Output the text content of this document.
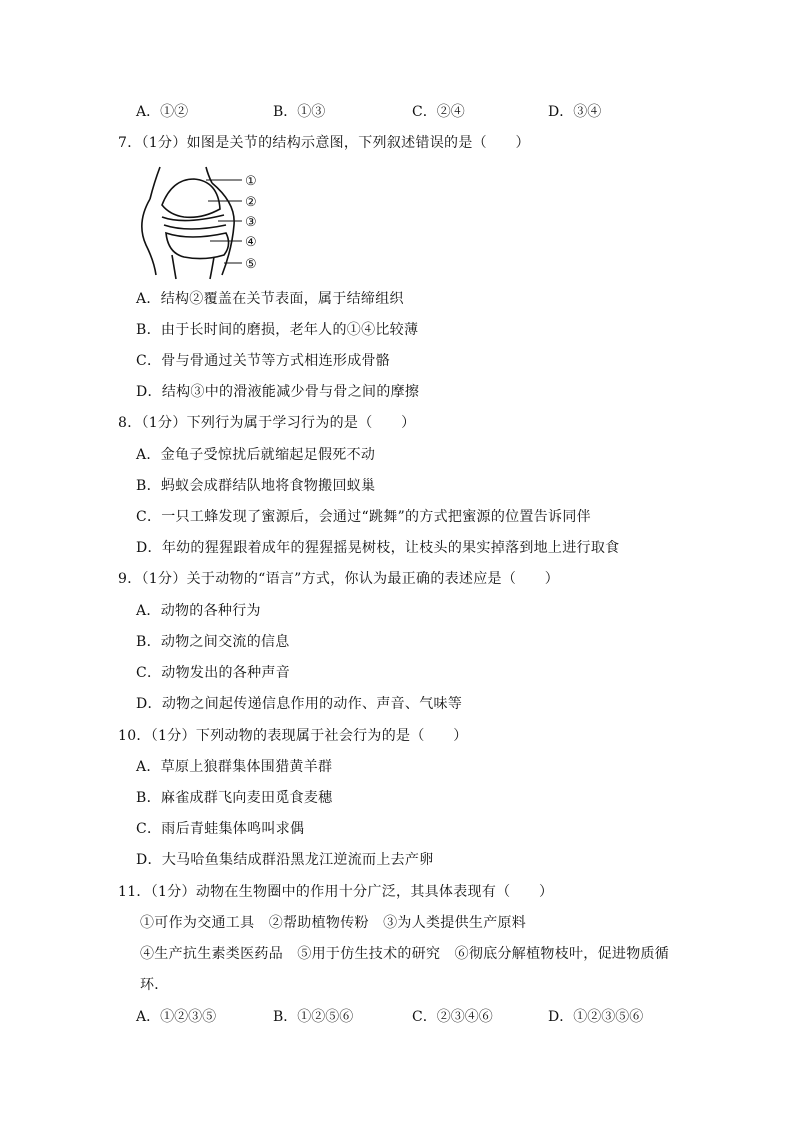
A．①②	B．①③	C．②④	D．③④
7．（1分）如图是关节的结构示意图，下列叙述错误的是（　　）
①
②
③
④
⑤
A．结构②覆盖在关节表面，属于结缔组织
B．由于长时间的磨损，老年人的①④比较薄
C．骨与骨通过关节等方式相连形成骨骼
D．结构③中的滑液能减少骨与骨之间的摩擦
8．（1分）下列行为属于学习行为的是（　　）
A．金龟子受惊扰后就缩起足假死不动
B．蚂蚁会成群结队地将食物搬回蚁巢
C．一只工蜂发现了蜜源后，会通过“跳舞”的方式把蜜源的位置告诉同伴
D．年幼的猩猩跟着成年的猩猩摇晃树枝，让枝头的果实掉落到地上进行取食
9．（1分）关于动物的“语言”方式，你认为最正确的表述应是（　　）
A．动物的各种行为
B．动物之间交流的信息
C．动物发出的各种声音
D．动物之间起传递信息作用的动作、声音、气味等
10．（1分）下列动物的表现属于社会行为的是（　　）
A．草原上狼群集体围猎黄羊群
B．麻雀成群飞向麦田觅食麦穗
C．雨后青蛙集体鸣叫求偶
D．大马哈鱼集结成群沿黑龙江逆流而上去产卵
11．（1分）动物在生物圈中的作用十分广泛，其具体表现有（　　）
①可作为交通工具　②帮助植物传粉　③为人类提供生产原料
④生产抗生素类医药品　⑤用于仿生技术的研究　⑥彻底分解植物枝叶，促进物质循
环．
A．①②③⑤	B．①②⑤⑥	C．②③④⑥	D．①②③⑤⑥
